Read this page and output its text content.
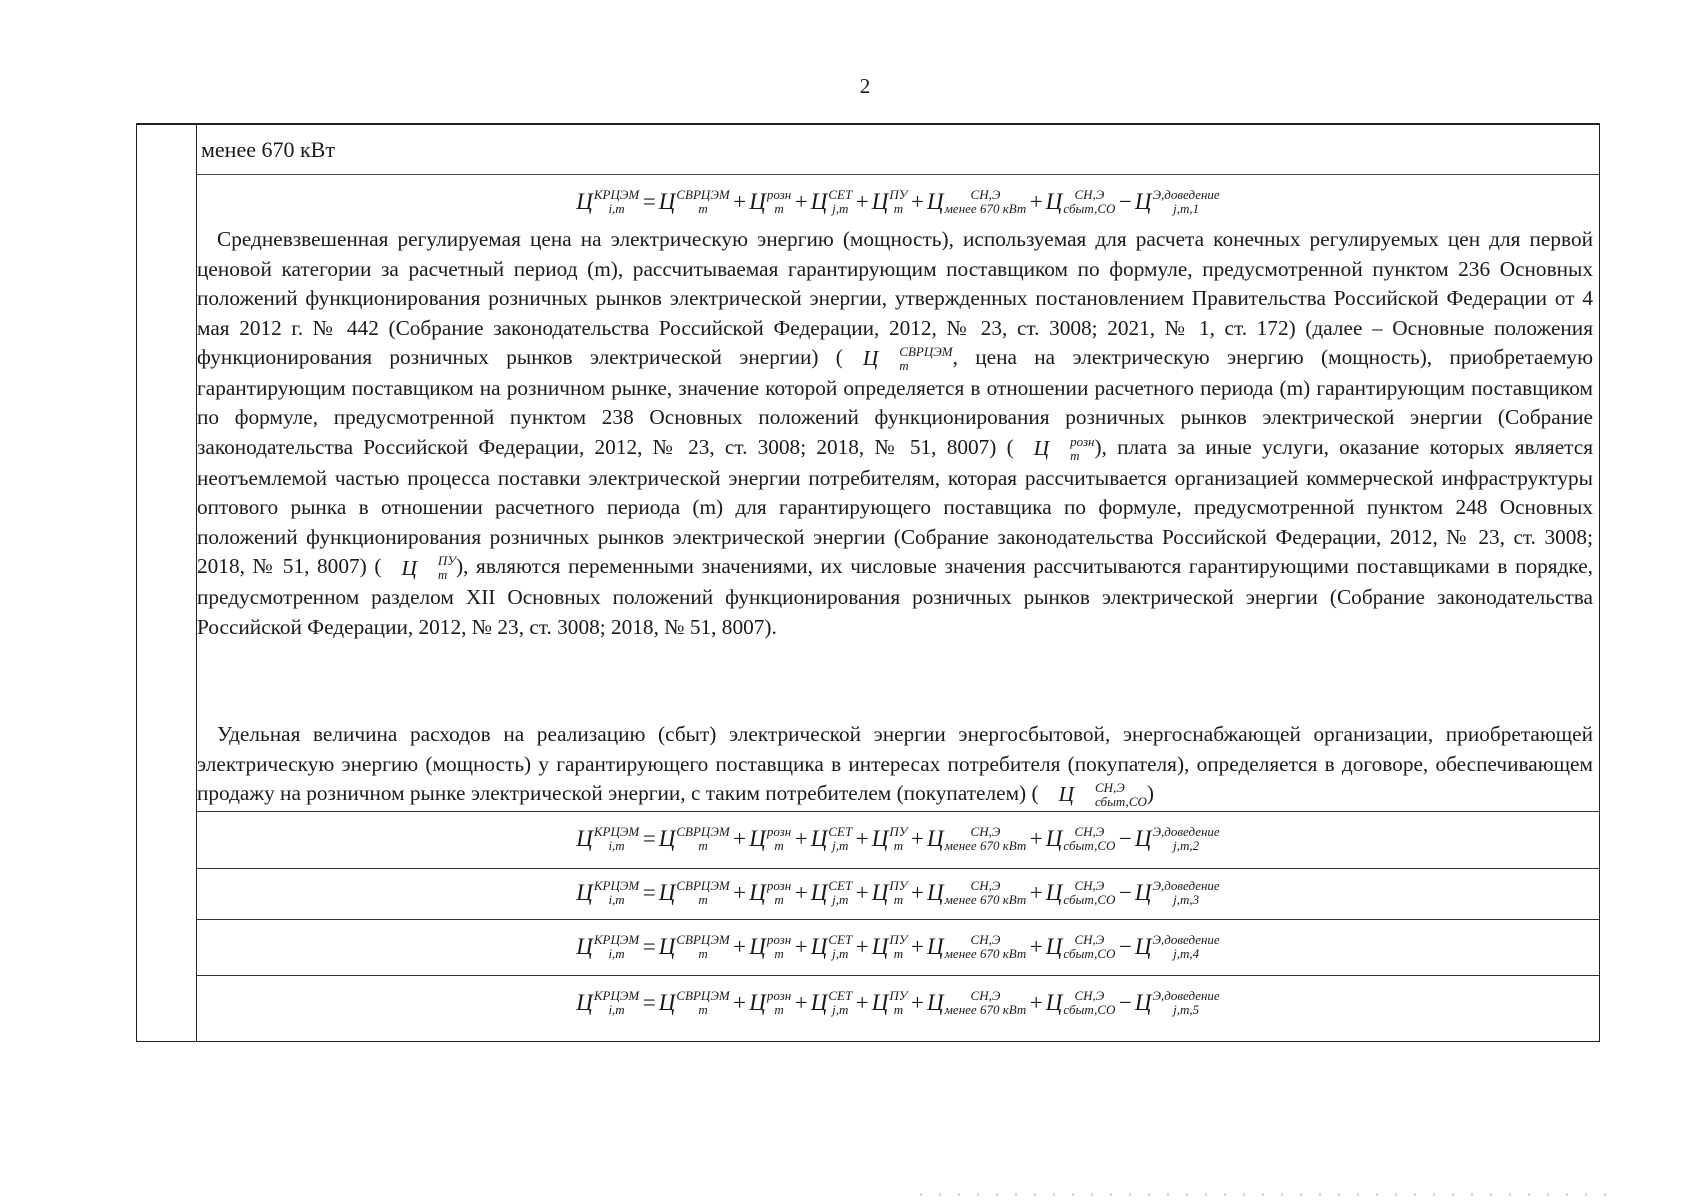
2
менее 670 кВт
Ц КРЦЭМ
i,m = Ц СВРЦЭМ
m	+ Ц розн
m + Ц СЕТ
j,m + Ц ПУ
m + Ц	СН,Э
менее 670 кВт + Ц СН,Э
сбыт,СО − Ц Э,доведение
j,m,1

Средневзвешенная регулируемая цена на электрическую энергию (мощность), используемая для расчета конечных регулируемых цен для первой ценовой категории за расчетный период (m), рассчитываемая гарантирующим поставщиком по формуле, предусмотренной пунктом 236 Основных положений функционирования розничных рынков электрической энергии, утвержденных постановлением Правительства Российской Федерации от 4 мая 2012 г. № 442 (Собрание законодательства Российской Федерации, 2012, № 23, ст. 3008; 2021, № 1, ст. 172) (далее – Основные положения функционирования розничных рынков электрической энергии) ( Ц	СВРЦЭМ
m	, цена на электрическую энергию (мощность), приобретаемую гарантирующим поставщиком на розничном рынке, значение которой определяется в отношении расчетного периода (m) гарантирующим поставщиком по формуле, предусмотренной пунктом 238 Основных положений функционирования розничных рынков электрической энергии (Собрание законодательства Российской Федерации, 2012, № 23, ст. 3008; 2018, № 51, 8007) ( Ц	розн
m ), плата за иные услуги, оказание которых является неотъемлемой частью процесса поставки электрической энергии потребителям, которая рассчитывается организацией коммерческой инфраструктуры оптового рынка в отношении расчетного периода (m) для гарантирующего поставщика по формуле, предусмотренной пунктом 248 Основных положений функционирования розничных рынков электрической энергии (Собрание законодательства Российской Федерации, 2012, № 23, ст. 3008; 2018, № 51, 8007) ( Ц	ПУ
m ), являются переменными значениями, их числовые значения рассчитываются гарантирующими поставщиками в порядке, предусмотренном разделом XII Основных положений функционирования розничных рынков электрической энергии (Собрание законодательства Российской Федерации, 2012, № 23, ст. 3008; 2018, № 51, 8007).

Удельная величина расходов на реализацию (сбыт) электрической энергии энергосбытовой, энергоснабжающей организации, приобретающей электрическую энергию (мощность) у гарантирующего поставщика в интересах потребителя (покупателя), определяется в договоре, обеспечивающем продажу на розничном рынке электрической энергии, с таким потребителем (покупателем) ( Ц	СН,Э
сбыт,СО )

Ц КРЦЭМ
i,m = Ц СВРЦЭМ
m	+ Ц розн
m + Ц СЕТ
j,m + Ц ПУ
m + Ц	СН,Э
менее 670 кВт + Ц СН,Э
сбыт,СО − Ц Э,доведение
j,m,2
Ц КРЦЭМ
i,m = Ц СВРЦЭМ
m	+ Ц розн
m + Ц СЕТ
j,m + Ц ПУ
m + Ц	СН,Э
менее 670 кВт + Ц СН,Э
сбыт,СО − Ц Э,доведение
j,m,3
Ц КРЦЭМ
i,m = Ц СВРЦЭМ
m	+ Ц розн
m + Ц СЕТ
j,m + Ц ПУ
m + Ц	СН,Э
менее 670 кВт + Ц СН,Э
сбыт,СО − Ц Э,доведение
j,m,4
Ц КРЦЭМ
i,m = Ц СВРЦЭМ
m	+ Ц розн
m + Ц СЕТ
j,m + Ц ПУ
m + Ц	СН,Э
менее 670 кВт + Ц СН,Э
сбыт,СО − Ц Э,доведение
j,m,5
